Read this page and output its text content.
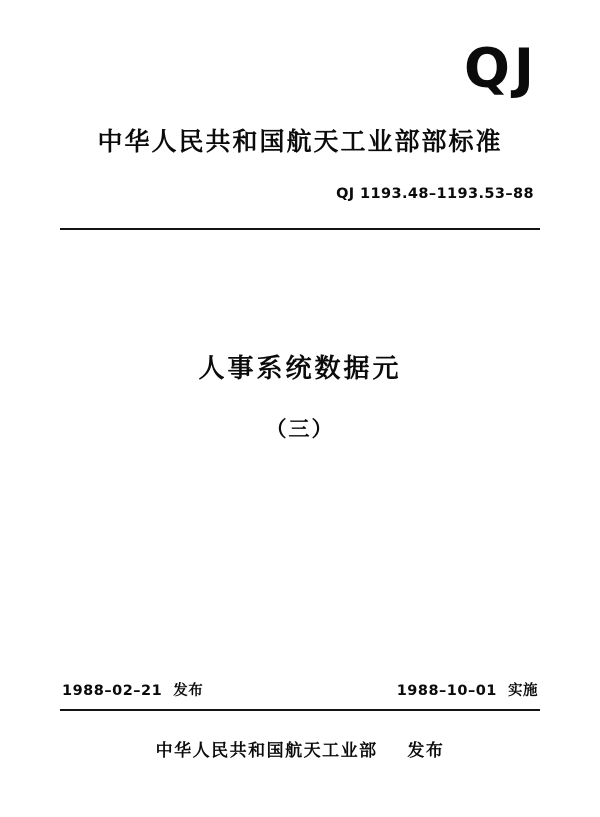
QJ
中华人民共和国航天工业部部标准
QJ 1193.48–1193.53–88
人事系统数据元
（三）
1988–02–21  发布	1988–10–01  实施
中华人民共和国航天工业部    发布
